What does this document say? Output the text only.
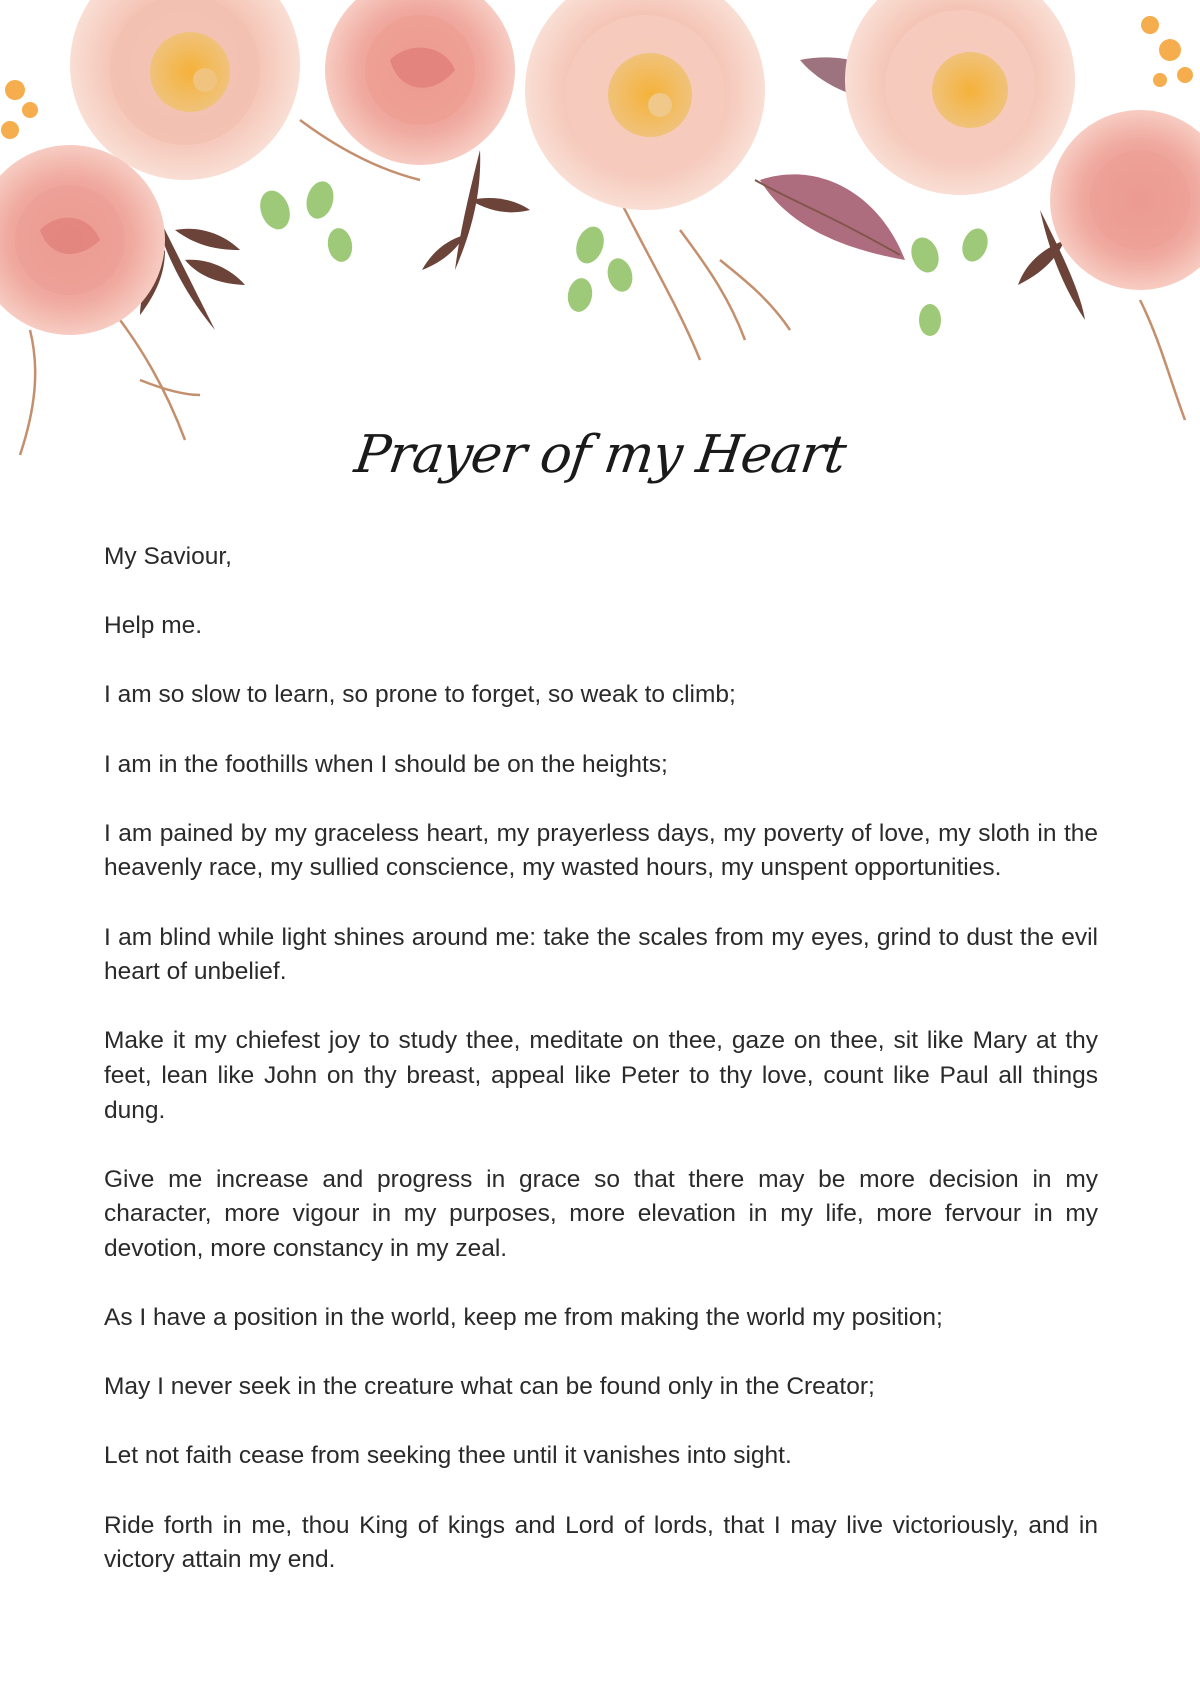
Prayer of my Heart

My Saviour,

Help me.

I am so slow to learn, so prone to forget, so weak to climb;

I am in the foothills when I should be on the heights;

I am pained by my graceless heart, my prayerless days, my poverty of love, my sloth in the heavenly race, my sullied conscience, my wasted hours, my unspent opportunities.

I am blind while light shines around me: take the scales from my eyes, grind to dust the evil heart of unbelief.

Make it my chiefest joy to study thee, meditate on thee, gaze on thee, sit like Mary at thy feet, lean like John on thy breast, appeal like Peter to thy love, count like Paul all things dung.

Give me increase and progress in grace so that there may be more decision in my character, more vigour in my purposes, more elevation in my life, more fervour in my devotion, more constancy in my zeal.

As I have a position in the world, keep me from making the world my position;

May I never seek in the creature what can be found only in the Creator;

Let not faith cease from seeking thee until it vanishes into sight.

Ride forth in me, thou King of kings and Lord of lords, that I may live victoriously, and in victory attain my end.
